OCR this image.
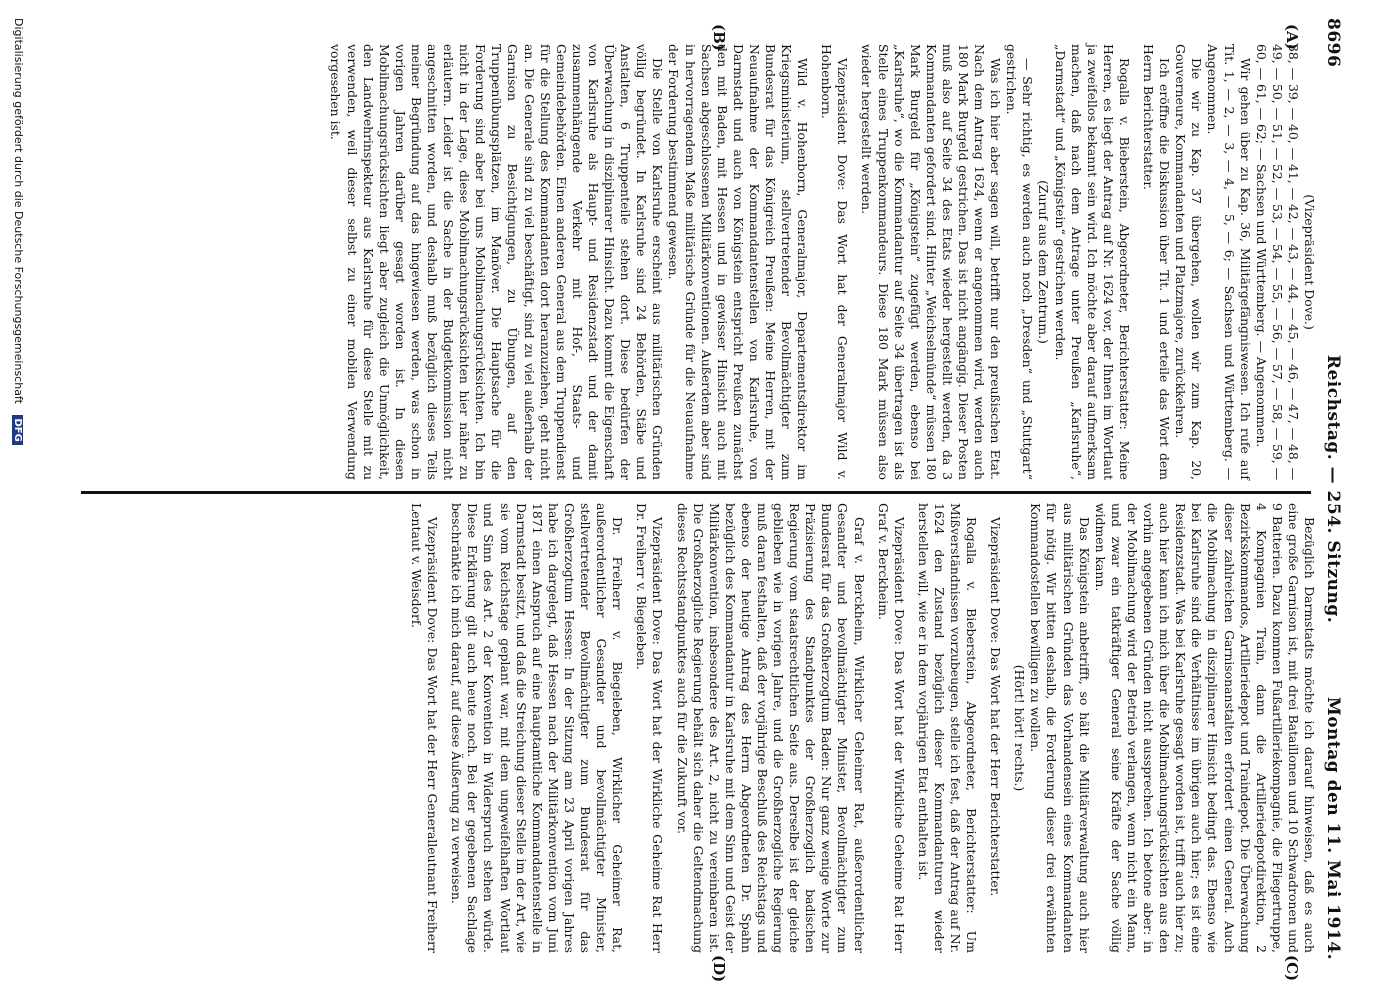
8696
Reichstag. — 254. Sitzung.
Montag den 11. Mai 1914.
(A)
(B)
(C)
(D)

(Vizepräsident Dove.)

38, — 39, — 40, — 41, — 42, — 43, — 44, — 45, — 46, — 47, — 48, — 49, — 50, — 51, — 52, — 53, — 54, — 55, — 56, — 57, — 58, — 59, — 60, — 61, — 62; — Sachsen und Württemberg. — Angenommen.

Wir gehen über zu Kap. 36, Militärgefängniswesen. Ich rufe auf Tit. 1, — 2, — 3, — 4, — 5, — 6; — Sachsen und Württemberg. — Angenommen.

Die wir zu Kap. 37 übergehen, wollen wir zum Kap. 20, Gouverneure, Kommandanten und Platzmajore, zurückkehren.

Ich eröffne die Diskussion über Tit. 1 und erteile das Wort dem Herrn Berichterstatter.

Rogalla v. Bieberstein, Abgeordneter, Berichterstatter: Meine Herren, es liegt der Antrag auf Nr. 1624 vor, der Ihnen im Wortlaut ja zweifellos bekannt sein wird. Ich möchte aber darauf aufmerksam machen, daß nach dem Antrage unter Preußen „Karlsruhe“, „Darmstadt“ und „Königstein“ gestrichen werden.

(Zuruf aus dem Zentrum.)

— Sehr richtig, es werden auch noch „Dresden“ und „Stuttgart“ gestrichen.

Was ich hier aber sagen will, betrifft nur den preußischen Etat. Nach dem Antrag 1624, wenn er angenommen wird, werden auch 180 Mark Burgeld gestrichen. Das ist nicht angängig. Dieser Posten muß also auf Seite 34 des Etats wieder hergestellt werden, da 3 Kommandanten gefordert sind. Hinter „Weichselmünde“ müssen 180 Mark Burgeld für „Königstein“ zugefügt werden, ebenso bei „Karlsruhe“, wo die Kommandantur auf Seite 34 übertragen ist als Stelle eines Truppenkommandeurs. Diese 180 Mark müssen also wieder hergestellt werden.

Vizepräsident Dove: Das Wort hat der Generalmajor Wild v. Hohenborn.

Wild v. Hohenborn, Generalmajor, Departementsdirektor im Kriegsministerium, stellvertretender Bevollmächtigter zum Bundesrat für das Königreich Preußen: Meine Herren, mit der Neuaufnahme der Kommandantenstellen von Karlsruhe, von Darmstadt und auch von Königstein entspricht Preußen zunächst den mit Baden, mit Hessen und in gewisser Hinsicht auch mit Sachsen abgeschlossenen Militärkonventionen. Außerdem aber sind in hervorragendem Maße militärische Gründe für die Neuaufnahme der Forderung bestimmend gewesen.

Die Stelle von Karlsruhe erscheint aus militärischen Gründen völlig begründet. In Karlsruhe sind 24 Behörden, Stäbe und Anstalten, 6 Truppenteile stehen dort. Diese bedürfen der Überwachung in disziplinarer Hinsicht. Dazu kommt die Eigenschaft von Karlsruhe als Haupt- und Residenzstadt und der damit zusammenhängende Verkehr mit Hof-, Staats- und Gemeindebehörden. Einen anderen General aus dem Truppendienst für die Stellung des Kommandanten dort heranzuziehen, geht nicht an. Die Generale sind zu viel beschäftigt, sind zu viel außerhalb der Garnison zu Besichtigungen, zu Übungen, auf den Truppenübungsplätzen, im Manöver. Die Hauptsache für die Forderung sind aber bei uns Mobilmachungsrücksichten. Ich bin nicht in der Lage, diese Mobilmachungsrücksichten hier näher zu erläutern. Leider ist die Sache in der Budgetkommission nicht angeschnitten worden, und deshalb muß bezüglich dieses Teils meiner Begründung auf das hingewiesen werden, was schon in vorigen Jahren darüber gesagt worden ist. In diesen Mobilmachungsrücksichten liegt aber zugleich die Unmöglichkeit, den Landwehrinspekteur aus Karlsruhe für diese Stelle mit zu verwenden, weil dieser selbst zu einer mobilen Verwendung vorgesehen ist.

Bezüglich Darmstadts möchte ich darauf hinweisen, daß es auch eine große Garnison ist, mit drei Bataillonen und 10 Schwadronen und 9 Batterien. Dazu kommen Fußartilleriekompagnie, die Fliegertruppe, 4 Kompagnien Train, dann die Artilleriedepotdirektion, 2 Bezirkskommandos, Artilleriedepot und Traindepot. Die Überwachung dieser zahlreichen Garnisonanstalten erfordert einen General. Auch die Mobilmachung in disziplinarer Hinsicht bedingt das. Ebenso wie bei Karlsruhe sind die Verhältnisse im übrigen auch hier; es ist eine Residenzstadt. Was bei Karlsruhe gesagt worden ist, trifft auch hier zu; auch hier kann ich mich über die Mobilmachungsrücksichten aus den vorhin angegebenen Gründen nicht aussprechen. Ich betone aber: in der Mobilmachung wird der Betrieb verlangen, wenn nicht ein Mann, und zwar ein tatkräftiger General seine Kräfte der Sache völlig widmen kann.

Das Königstein anbetrifft, so hält die Militärverwaltung auch hier aus militärischen Gründen das Vorhandensein eines Kommandanten für nötig. Wir bitten deshalb, die Forderung dieser drei erwähnten Kommandostellen bewilligen zu wollen.

(Hört! hört! rechts.)

Vizepräsident Dove: Das Wort hat der Herr Berichterstatter.

Rogalla v. Bieberstein, Abgeordneter, Berichterstatter: Um Mißverständnissen vorzubeugen, stelle ich fest, daß der Antrag auf Nr. 1624 den Zustand bezüglich dieser Kommandanturen wieder herstellen will, wie er in dem vorjährigen Etat enthalten ist.

Vizepräsident Dove: Das Wort hat der Wirkliche Geheime Rat Herr Graf v. Berckheim.

Graf v. Berckheim, Wirklicher Geheimer Rat, außerordentlicher Gesandter und bevollmächtigter Minister, Bevollmächtigter zum Bundesrat für das Großherzogtum Baden: Nur ganz wenige Worte zur Präzisierung des Standpunktes der Großherzoglich badischen Regierung vom staatsrechtlichen Seite aus. Derselbe ist der gleiche geblieben wie in vorigen Jahre, und die Großherzogliche Regierung muß daran festhalten, daß der vorjährige Beschluß des Reichstags und ebenso der heutige Antrag des Herrn Abgeordneten Dr. Spahn bezüglich des Kommandantur in Karlsruhe mit dem Sinn und Geist der Militärkonvention, insbesondere des Art. 2, nicht zu vereinbaren ist. Die Großherzogliche Regierung behält sich daher die Geltendmachung dieses Rechtsstandpunktes auch für die Zukunft vor.

Vizepräsident Dove: Das Wort hat der Wirkliche Geheime Rat Herr Dr. Freiherr v. Biegeleben.

Dr. Freiherr v. Biegeleben, Wirklicher Geheimer Rat, außerordentlicher Gesandter und bevollmächtigter Minister, stellvertretender Bevollmächtigter zum Bundesrat für das Großherzogtum Hessen: In der Sitzung am 23 April vorigen Jahres habe ich dargelegt, daß Hessen nach der Militärkonvention vom Juni 1871 einen Anspruch auf eine hauptamtliche Kommandantenstelle in Darmstadt besitzt, und daß die Streichung dieser Stelle im der Art, wie sie vom Reichstage geplant war, mit dem ungweifelhaften Wortlaut und Sinn des Art. 2 der Konvention in Widerspruch stehen würde. Diese Erklärung gilt auch heute noch. Bei der gegebenen Sachlage beschränkte ich mich darauf, auf diese Äußerung zu verweisen.

Vizepräsident Dove: Das Wort hat der Herr Generalleutnant Freiherr Lentaut v. Weisdorf.

Digitalisierung gefördert durch die Deutsche Forschungsgemeinschaft DFG
